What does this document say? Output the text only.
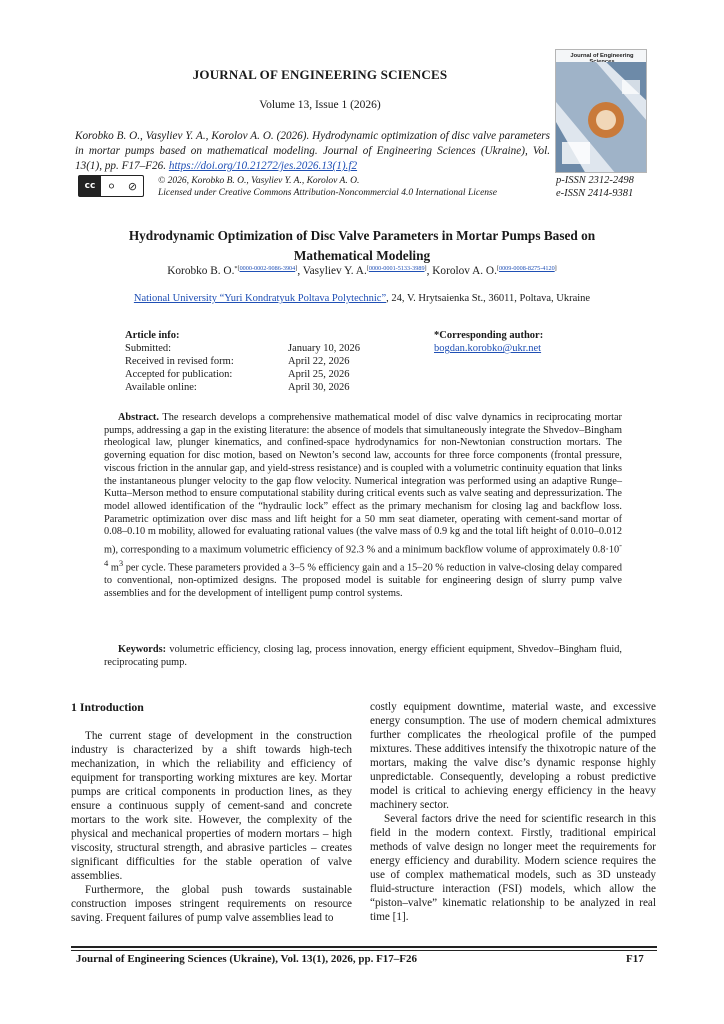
JOURNAL OF ENGINEERING SCIENCES
Volume 13, Issue 1 (2026)
Korobko B. O., Vasyliev Y. A., Korolov A. O. (2026). Hydrodynamic optimization of disc valve parameters in mortar pumps based on mathematical modeling. Journal of Engineering Sciences (Ukraine), Vol. 13(1), pp. F17–F26. https://doi.org/10.21272/jes.2026.13(1).f2
cc	⚪	⊘	© 2026, Korobko B. O., Vasyliev Y. A., Korolov A. O.
Licensed under Creative Commons Attribution-Noncommercial 4.0 International License
Journal of Engineering
p-ISSN 2312-2498
e-ISSN 2414-9381
Hydrodynamic Optimization of Disc Valve Parameters in Mortar Pumps Based on Mathematical Modeling
Korobko B. O.$^{*[0000-0002-9086-3904]}$, Vasyliev Y. A.[0000-0001-5133-3989], Korolov A. O.[0009-0008-8275-4120]
National University “Yuri Kondratyuk Poltava Polytechnic”, 24, V. Hrytsaienka St., 36011, Poltava, Ukraine
Article info:
Submitted:	January 10, 2026
Received in revised form:	April 22, 2026
Accepted for publication:	April 25, 2026
Available online:	April 30, 2026
*Corresponding author:
bogdan.korobko@ukr.net
Abstract. The research develops a comprehensive mathematical model of disc valve dynamics in reciprocating mortar pumps, addressing a gap in the existing literature: the absence of models that simultaneously integrate the Shvedov–Bingham rheological law, plunger kinematics, and confined-space hydrodynamics for non-Newtonian construction mortars. The governing equation for disc motion, based on Newton’s second law, accounts for three force components (frontal pressure, viscous friction in the annular gap, and yield-stress resistance) and is coupled with a volumetric continuity equation that links the instantaneous plunger velocity to the gap flow velocity. Numerical integration was performed using an adaptive Runge–Kutta–Merson method to ensure computational stability during critical events such as valve seating and depressurization. The model allowed identification of the “hydraulic lock” effect as the primary mechanism for closing lag and backflow loss. Parametric optimization over disc mass and lift height for a 50 mm seat diameter, operating with cement-sand mortar of 0.08–0.10 m mobility, allowed for evaluating rational values (the valve mass of 0.9 kg and the total lift height of 0.010–0.012 m), corresponding to a maximum volumetric efficiency of 92.3 % and a minimum backflow volume of approximately $0.8\cdot 10^{-4}$ $m^3$ per cycle. These parameters provided a 3–5 % efficiency gain and a 15–20 % reduction in valve-closing delay compared to conventional, non-optimized designs. The proposed model is suitable for engineering design of slurry pump valve assemblies and for the development of intelligent pump control systems.
Keywords: volumetric efficiency, closing lag, process innovation, energy efficient equipment, Shvedov–Bingham fluid, reciprocating pump.
1 Introduction

The current stage of development in the construction industry is characterized by a shift towards high-tech mechanization, in which the reliability and efficiency of equipment for transporting working mixtures are key. Mortar pumps are critical components in production lines, as they ensure a continuous supply of cement-sand and concrete mortars to the work site. However, the complexity of the physical and mechanical properties of modern mortars – high viscosity, structural strength, and abrasive particles – creates significant difficulties for the stable operation of valve assemblies.

Furthermore, the global push towards sustainable construction imposes stringent requirements on resource saving. Frequent failures of pump valve assemblies lead to

costly equipment downtime, material waste, and excessive energy consumption. The use of modern chemical admixtures further complicates the rheological profile of the pumped mixtures. These additives intensify the thixotropic nature of the mortars, making the valve disc’s dynamic response highly unpredictable. Consequently, developing a robust predictive model is critical to achieving energy efficiency in the heavy machinery sector.

Several factors drive the need for scientific research in this field in the modern context. Firstly, traditional empirical methods of valve design no longer meet the requirements for energy efficiency and durability. Modern science requires the use of complex mathematical models, such as 3D unsteady fluid-structure interaction (FSI) models, which allow the “piston–valve” kinematic relationship to be analyzed in real time [1].

Journal of Engineering Sciences (Ukraine), Vol. 13(1), 2026, pp. F17–F26	F17
